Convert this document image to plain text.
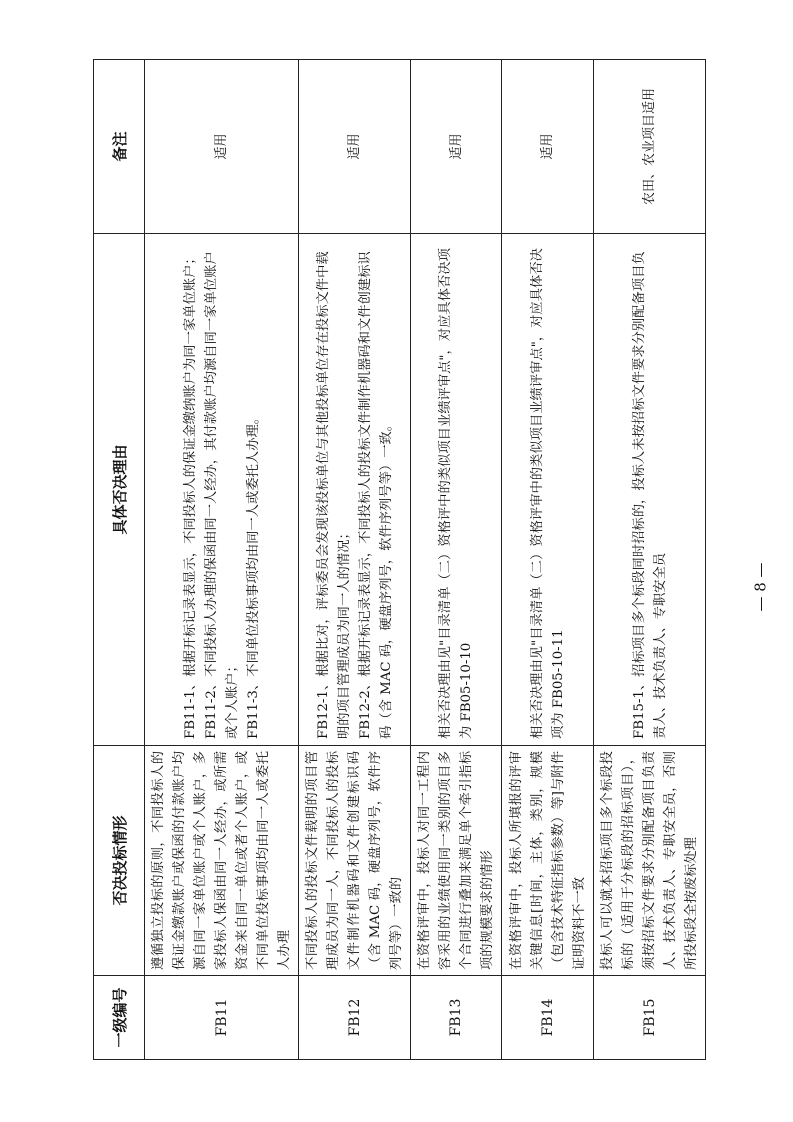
一级编号	否决投标情形	具体否决理由	备注
FB11	遵循独立投标的原则，不同投标人的保证金缴款账户或保函的付款账户均源自同一家单位账户或个人账户，多家投标人保函由同一人经办，或所需资金来自同一单位或者个人账户，或不同单位投标事项均由同一人或委托人办理	FB11-1、根据开标记录表显示，不同投标人的保证金缴纳账户为同一家单位账户； FB11-2、不同投标人办理的保函由同一人经办，其付款账户均源自同一家单位账户或个人账户； FB11-3、不同单位投标事项均由同一人或委托人办理。	适用
FB12	不同投标人的投标文件载明的项目管理成员为同一人，不同投标人的投标文件制作机器码和文件创建标识码（含 MAC 码，硬盘序列号，软件序列号等）一致的	FB12-1、根据比对，评标委员会发现该投标单位与其他投标单位存在投标文件中载明的项目管理成员为同一人的情况； FB12-2、根据开标记录表显示，不同投标人的投标文件制作机器码和文件创建标识码（含 MAC 码，硬盘序列号，软件序列号等）一致。	适用
FB13	在资格评审中，投标人对同一工程内容采用的业绩使用同一类别的项目多个合同进行叠加来满足单个牵引指标项的规模要求的情形	相关否决理由见"目录清单（二）资格评中的类似项目业绩评审点"，对应具体否决项为 FB05-10-10	适用
FB14	在资格评审中，投标人所填报的评审关键信息[时间，主体，类别，规模（包含技术特征指标参数）等]与附件证明资料不一致	相关否决理由见"目录清单（二）资格评审中的类似项目业绩评审点"，对应具体否决项为 FB05-10-11	适用
FB15	投标人可以就本招标项目多个标段投标的（适用于分标段的招标项目），须按招标文件要求分别配备项目负责人、技术负责人、专职安全员，否则所投标段全按废标处理	FB15-1、招标项目多个标段同时招标的，投标人未按招标文件要求分别配备项目负责人、技术负责人、专职安全员	农田、农业项目适用
— 8 —
